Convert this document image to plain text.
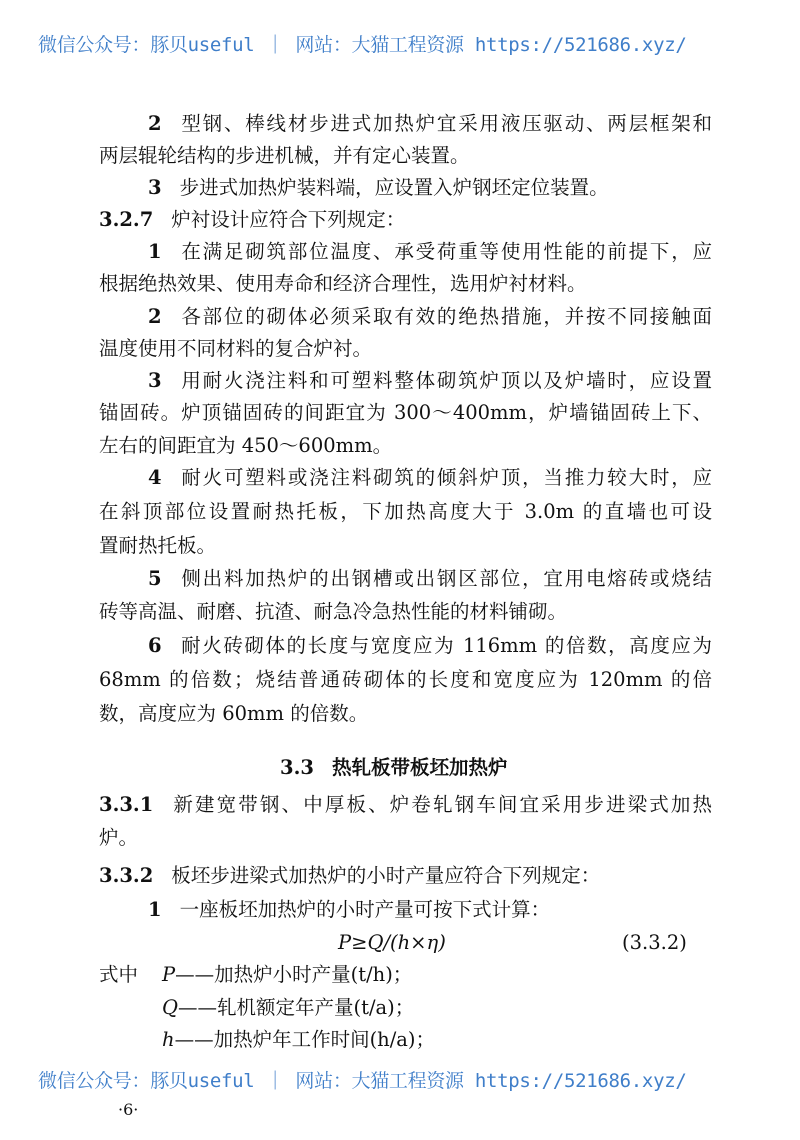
微信公众号：豚贝useful ｜ 网站：大猫工程资源 https://521686.xyz/
2 型钢、棒线材步进式加热炉宜采用液压驱动、两层框架和
两层辊轮结构的步进机械，并有定心装置。
3 步进式加热炉装料端，应设置入炉钢坯定位装置。
3.2.7 炉衬设计应符合下列规定：
1 在满足砌筑部位温度、承受荷重等使用性能的前提下，应
根据绝热效果、使用寿命和经济合理性，选用炉衬材料。
2 各部位的砌体必须采取有效的绝热措施，并按不同接触面
温度使用不同材料的复合炉衬。
3 用耐火浇注料和可塑料整体砌筑炉顶以及炉墙时，应设置
锚固砖。炉顶锚固砖的间距宜为 300～400mm，炉墙锚固砖上下、
左右的间距宜为 450～600mm。
4 耐火可塑料或浇注料砌筑的倾斜炉顶，当推力较大时，应
在斜顶部位设置耐热托板，下加热高度大于 3.0m 的直墙也可设
置耐热托板。
5 侧出料加热炉的出钢槽或出钢区部位，宜用电熔砖或烧结
砖等高温、耐磨、抗渣、耐急冷急热性能的材料铺砌。
6 耐火砖砌体的长度与宽度应为 116mm 的倍数，高度应为
68mm 的倍数；烧结普通砖砌体的长度和宽度应为 120mm 的倍
数，高度应为 60mm 的倍数。
3.3 热轧板带板坯加热炉
3.3.1 新建宽带钢、中厚板、炉卷轧钢车间宜采用步进梁式加热
炉。
3.3.2 板坯步进梁式加热炉的小时产量应符合下列规定：
1 一座板坯加热炉的小时产量可按下式计算：
P≥Q/(h×η)	(3.3.2)
式中 P——加热炉小时产量(t/h)；
Q——轧机额定年产量(t/a)；
h——加热炉年工作时间(h/a)；
微信公众号：豚贝useful ｜ 网站：大猫工程资源 https://521686.xyz/
·6·
